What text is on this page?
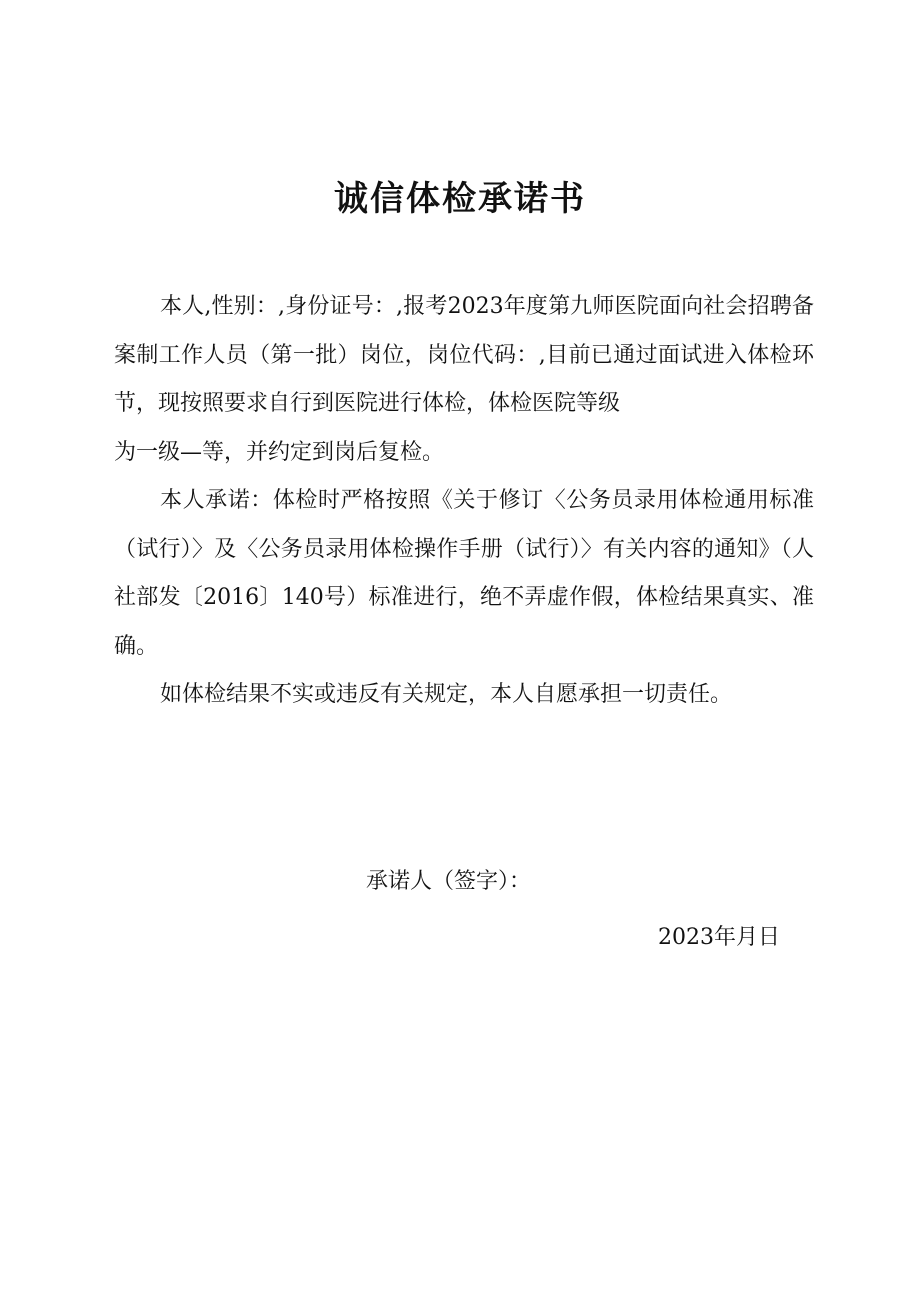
诚信体检承诺书

本人,性别：,身份证号：,报考2023年度第九师医院面向社会招聘备案制工作人员（第一批）岗位，岗位代码：,目前已通过面试进入体检环节，现按照要求自行到医院进行体检，体检医院等级

为一级—等，并约定到岗后复检。

本人承诺：体检时严格按照《关于修订〈公务员录用体检通用标准（试行）〉及〈公务员录用体检操作手册（试行）〉有关内容的通知》（人社部发〔2016〕140号）标准进行，绝不弄虚作假，体检结果真实、准确。

如体检结果不实或违反有关规定，本人自愿承担一切责任。

承诺人（签字）：

2023年月日
